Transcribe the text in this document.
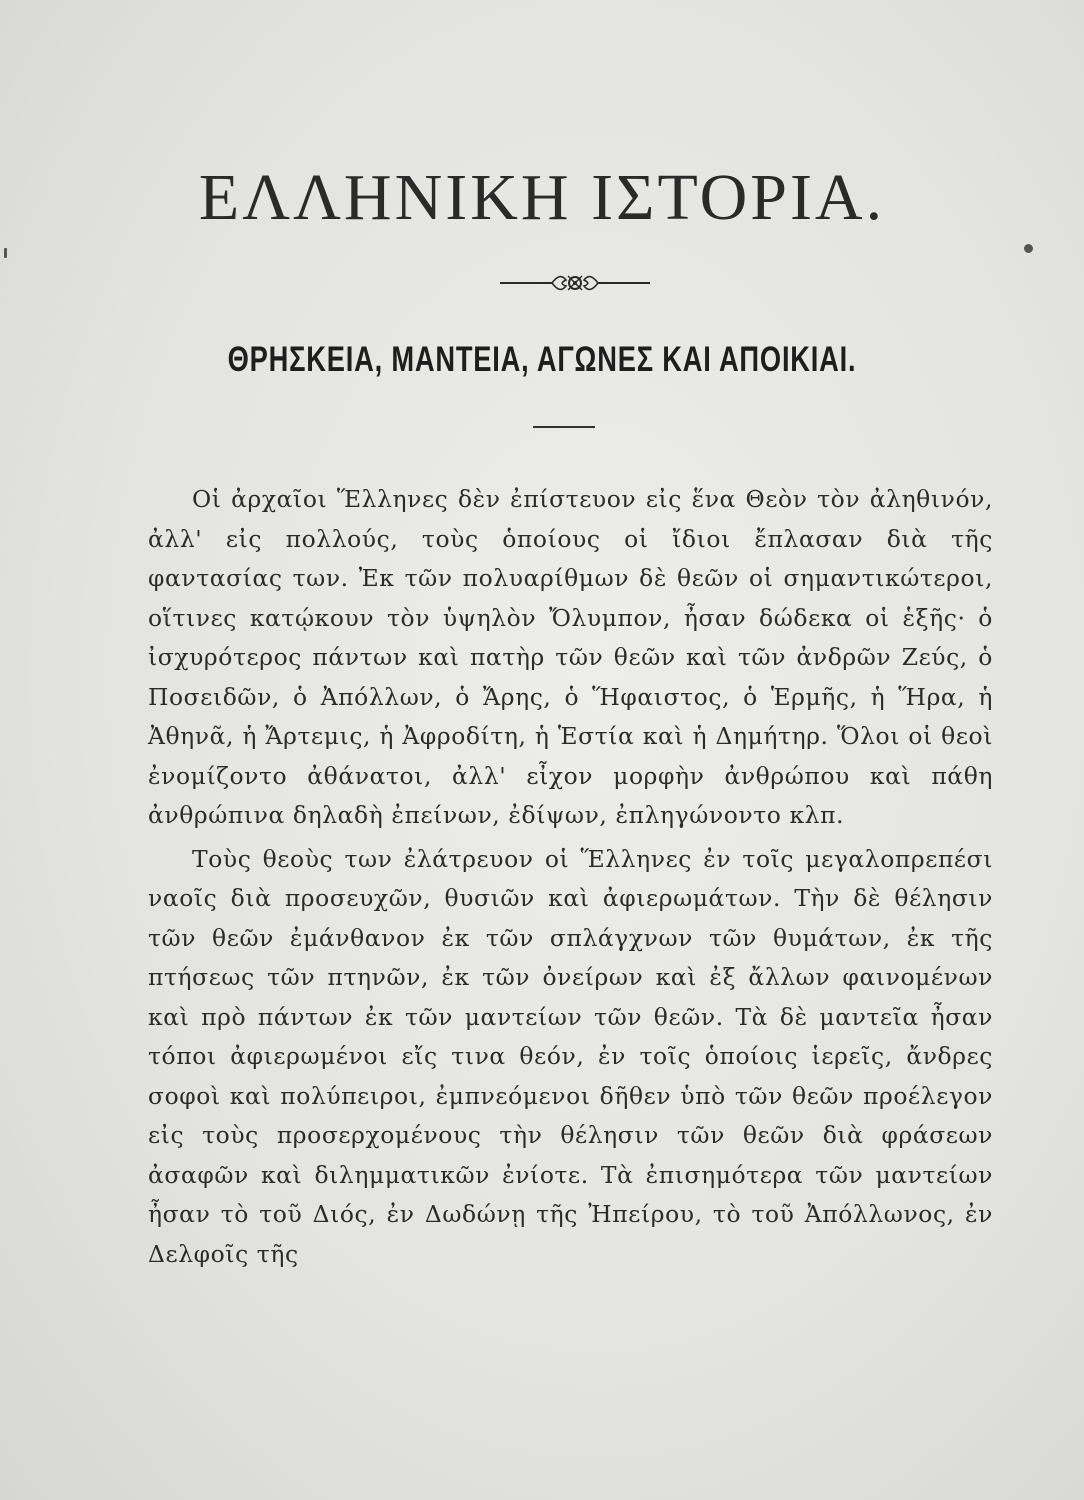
ΕΛΛΗΝΙΚΗ ΙΣΤΟΡΙΑ.
ΘΡΗΣΚΕΙΑ, ΜΑΝΤΕΙΑ, ΑΓΩΝΕΣ ΚΑΙ ΑΠΟΙΚΙΑΙ.

Οἱ ἀρχαῖοι Ἕλληνες δὲν ἐπίστευον εἰς ἕνα Θεὸν τὸν ἀληθινόν, ἀλλ' εἰς πολλούς, τοὺς ὁποίους οἱ ἴδιοι ἔπλασαν διὰ τῆς φαντασίας των. Ἐκ τῶν πολυαρίθμων δὲ θεῶν οἱ σημαντικώτεροι, οἵτινες κατῴκουν τὸν ὑψηλὸν Ὄλυμπον, ἦσαν δώδεκα οἱ ἑξῆς· ὁ ἰσχυρότερος πάντων καὶ πατὴρ τῶν θεῶν καὶ τῶν ἀνδρῶν Ζεύς, ὁ Ποσειδῶν, ὁ Ἀπόλλων, ὁ Ἄρης, ὁ Ἥφαιστος, ὁ Ἑρμῆς, ἡ Ἥρα, ἡ Ἀθηνᾶ, ἡ Ἄρτεμις, ἡ Ἀφροδίτη, ἡ Ἑστία καὶ ἡ Δημήτηρ. Ὅλοι οἱ θεοὶ ἐνομίζοντο ἀθάνατοι, ἀλλ' εἶχον μορφὴν ἀνθρώπου καὶ πάθη ἀνθρώπινα δηλαδὴ ἐπείνων, ἐδίψων, ἐπληγώνοντο κλπ.

Τοὺς θεοὺς των ἐλάτρευον οἱ Ἕλληνες ἐν τοῖς μεγαλοπρεπέσι ναοῖς διὰ προσευχῶν, θυσιῶν καὶ ἀφιερωμάτων. Τὴν δὲ θέλησιν τῶν θεῶν ἐμάνθανον ἐκ τῶν σπλάγχνων τῶν θυμάτων, ἐκ τῆς πτήσεως τῶν πτηνῶν, ἐκ τῶν ὀνείρων καὶ ἐξ ἄλλων φαινομένων καὶ πρὸ πάντων ἐκ τῶν μαντείων τῶν θεῶν. Τὰ δὲ μαντεῖα ἦσαν τόποι ἀφιερωμένοι εἴς τινα θεόν, ἐν τοῖς ὁποίοις ἱερεῖς, ἄνδρες σοφοὶ καὶ πολύπειροι, ἐμπνεόμενοι δῆθεν ὑπὸ τῶν θεῶν προέλεγον εἰς τοὺς προσερχομένους τὴν θέλησιν τῶν θεῶν διὰ φράσεων ἀσαφῶν καὶ διλημματικῶν ἐνίοτε. Τὰ ἐπισημότερα τῶν μαντείων ἦσαν τὸ τοῦ Διός, ἐν Δωδώνῃ τῆς Ἠπείρου, τὸ τοῦ Ἀπόλλωνος, ἐν Δελφοῖς τῆς
